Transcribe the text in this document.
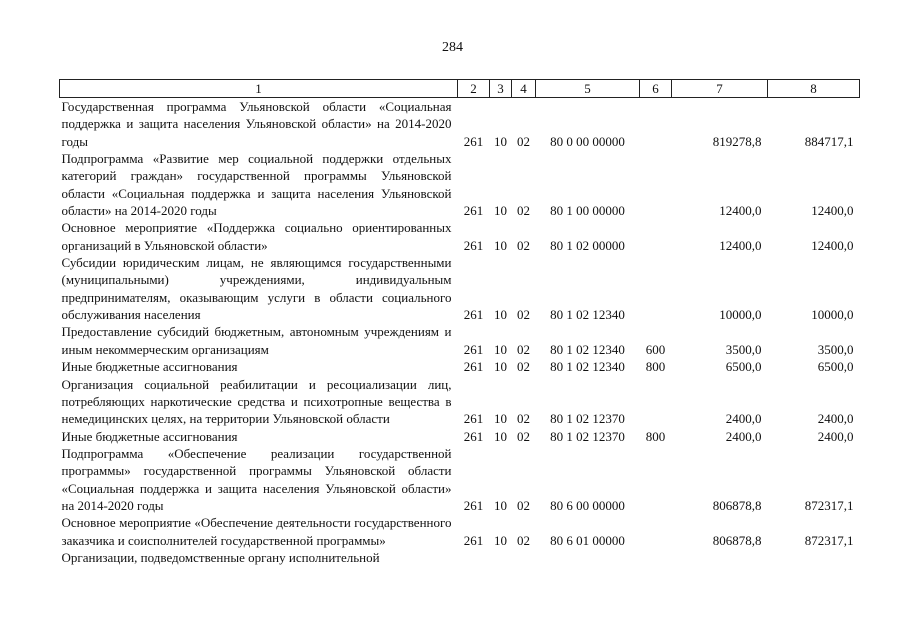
284
1	2	3	4	5	6	7	8
Государственная программа Ульяновской области «Социальная поддержка и защита населения Ульяновской области» на 2014-2020 годы	261	10	02	80 0 00 00000		819278,8	884717,1
Подпрограмма «Развитие мер социальной поддержки отдельных категорий граждан» государственной программы Ульяновской области «Социальная поддержка и защита населения Ульяновской области» на 2014-2020 годы	261	10	02	80 1 00 00000		12400,0	12400,0
Основное мероприятие «Поддержка социально ориентированных организаций в Ульяновской области»	261	10	02	80 1 02 00000		12400,0	12400,0
Субсидии юридическим лицам, не являющимся государственными (муниципальными) учреждениями, индивидуальным предпринимателям, оказывающим услуги в области социального обслуживания населения	261	10	02	80 1 02 12340		10000,0	10000,0
Предоставление субсидий бюджетным, автономным учреждениям и иным некоммерческим организациям	261	10	02	80 1 02 12340	600	3500,0	3500,0
Иные бюджетные ассигнования	261	10	02	80 1 02 12340	800	6500,0	6500,0
Организация социальной реабилитации и ресоциализации лиц, потребляющих наркотические средства и психотропные вещества в немедицинских целях, на территории Ульяновской области	261	10	02	80 1 02 12370		2400,0	2400,0
Иные бюджетные ассигнования	261	10	02	80 1 02 12370	800	2400,0	2400,0
Подпрограмма «Обеспечение реализации государственной программы» государственной программы Ульяновской области «Социальная поддержка и защита населения Ульяновской области» на 2014-2020 годы	261	10	02	80 6 00 00000		806878,8	872317,1
Основное мероприятие «Обеспечение деятельности государственного заказчика и соисполнителей государственной программы»	261	10	02	80 6 01 00000		806878,8	872317,1
Организации, подведомственные органу исполнительной							
